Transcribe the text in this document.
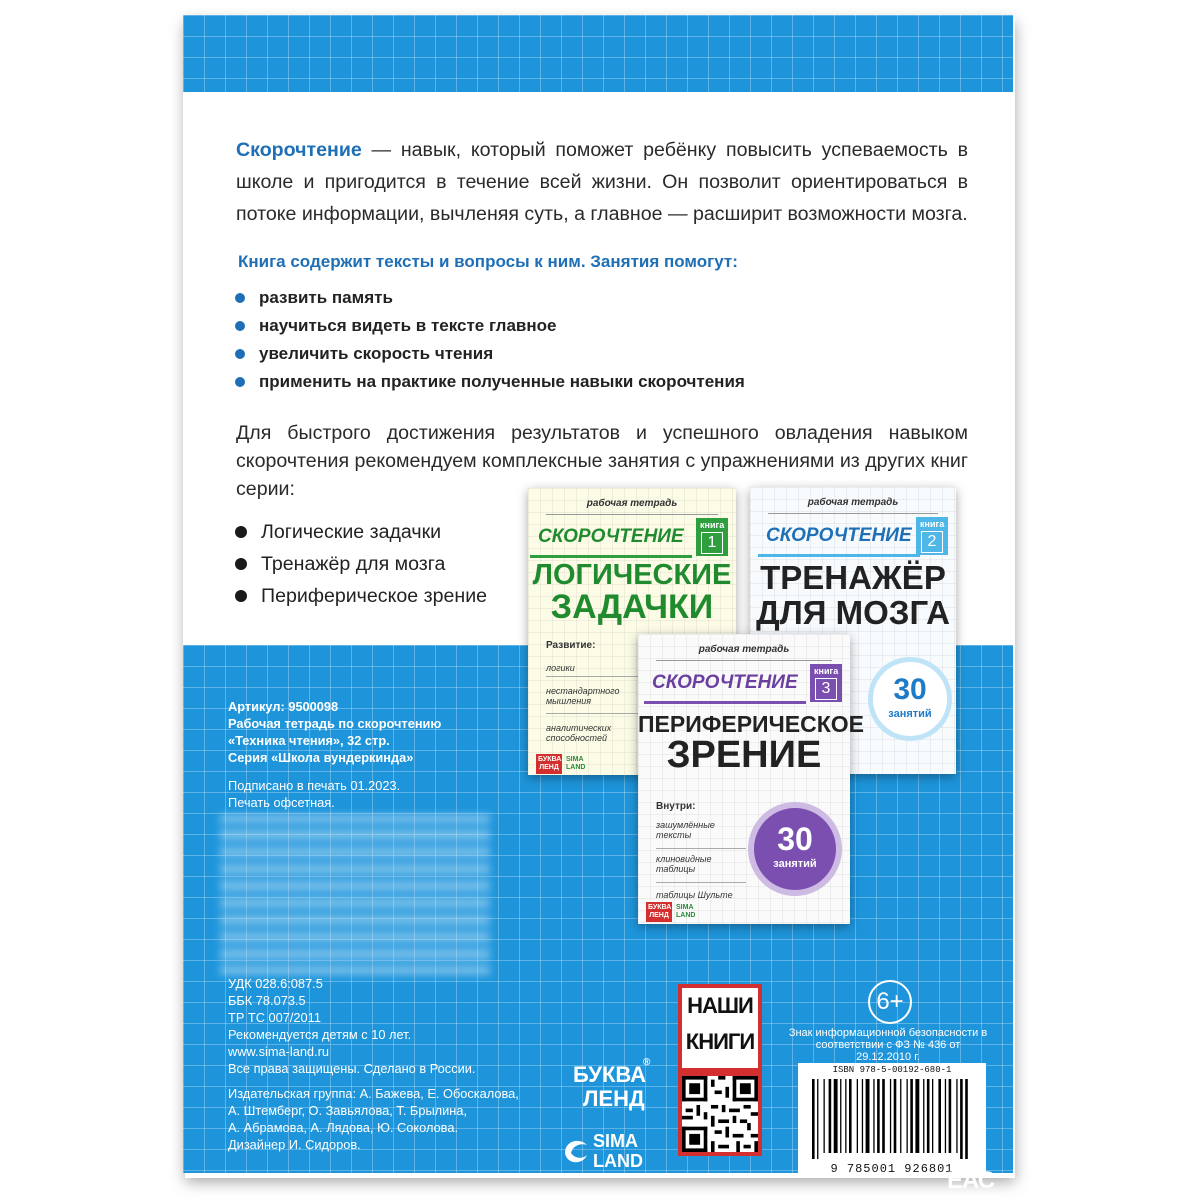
Скорочтение — навык, который поможет ребёнку повысить успеваемость в школе и пригодится в течение всей жизни. Он позволит ориентироваться в потоке информации, вычленяя суть, а главное — расширит возможности мозга.

Книга содержит тексты и вопросы к ним. Занятия помогут:

развить память
научиться видеть в тексте главное
увеличить скорость чтения
применить на практике полученные навыки скорочтения

Для быстрого достижения результатов и успешного овладения навыком скорочтения рекомендуем комплексные занятия с упражнениями из других книг серии:

Логические задачки
Тренажёр для мозга
Периферическое зрение
рабочая тетрадь
СКОРОЧТЕНИЕ
книга
2
ТРЕНАЖЁР
ДЛЯ МОЗГА
30
занятий
рабочая тетрадь
СКОРОЧТЕНИЕ
книга
1
ЛОГИЧЕСКИЕ
ЗАДАЧКИ
Развитие:
логики
нестандартного мышления
аналитических способностей
БУКВА ЛЕНД
SIMA LAND
рабочая тетрадь
СКОРОЧТЕНИЕ
книга
3
ПЕРИФЕРИЧЕСКОЕ
ЗРЕНИЕ
Внутри:
зашумлённые тексты
клиновидные таблицы
таблицы Шульте
30
занятий
БУКВА ЛЕНД
SIMA LAND

Артикул: 9500098

Рабочая тетрадь по скорочтению

«Техника чтения», 32 стр.

Серия «Школа вундеркинда»

Подписано в печать 01.2023.

Печать офсетная.

УДК 028.6:087.5

ББК 78.073.5

ТР ТС 007/2011

Рекомендуется детям с 10 лет.

www.sima-land.ru

Все права защищены. Сделано в России.

Издательская группа: А. Бажева, Е. Обоскалова,

А. Штемберг, О. Завьялова, Т. Брылина,

А. Абрамова, А. Лядова, Ю. Соколова.

Дизайнер И. Сидоров.

БУКВА
ЛЕНД
®
SIMA
LAND
НАШИ
КНИГИ
6+
Знак информационной безопасности в соответствии с ФЗ № 436 от 29.12.2010 г.
ISBN 978-5-00192-680-1
9 785001 926801
ЕАС
